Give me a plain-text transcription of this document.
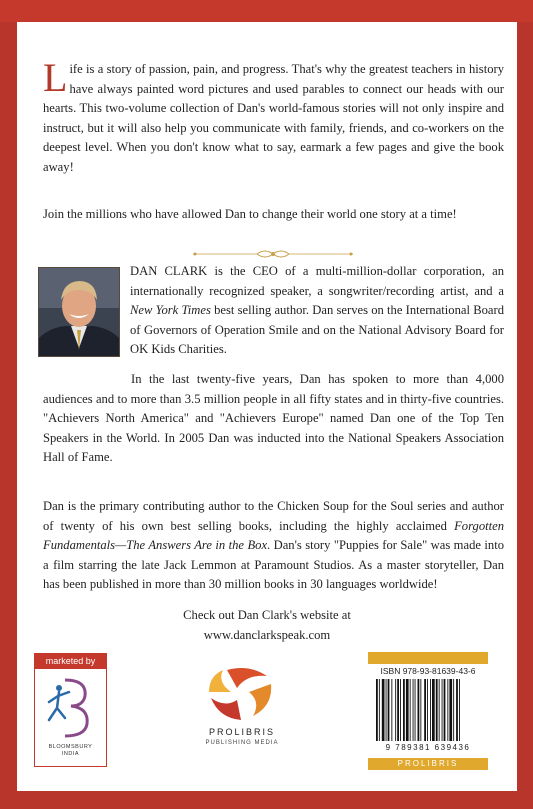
Life is a story of passion, pain, and progress. That's why the greatest teachers in history have always painted word pictures and used parables to connect our heads with our hearts. This two-volume collection of Dan's world-famous stories will not only inspire and instruct, but it will also help you communicate with family, friends, and co-workers on the deepest level. When you don't know what to say, earmark a few pages and give the book away!

Join the millions who have allowed Dan to change their world one story at a time!

DAN CLARK is the CEO of a multi-million-dollar corporation, an internationally recognized speaker, a songwriter/recording artist, and a New York Times best selling author. Dan serves on the International Board of Governors of Operation Smile and on the National Advisory Board for OK Kids Charities.

In the last twenty-five years, Dan has spoken to more than 4,000 audiences and to more than 3.5 million people in all fifty states and in thirty-five countries. "Achievers North America" and "Achievers Europe" named Dan one of the Top Ten Speakers in the World. In 2005 Dan was inducted into the National Speakers Association Hall of Fame.

Dan is the primary contributing author to the Chicken Soup for the Soul series and author of twenty of his own best selling books, including the highly acclaimed Forgotten Fundamentals—The Answers Are in the Box. Dan's story "Puppies for Sale" was made into a film starring the late Jack Lemmon at Paramount Studios. As a master storyteller, Dan has been published in more than 30 million books in 30 languages worldwide!

Check out Dan Clark's website at
www.danclarkspeak.com
marketed by
BLOOMSBURY
INDIA
PROLIBRIS
PUBLISHING MEDIA
ISBN 978-93-81639-43-6
9 789381 639436
PROLIBRIS
